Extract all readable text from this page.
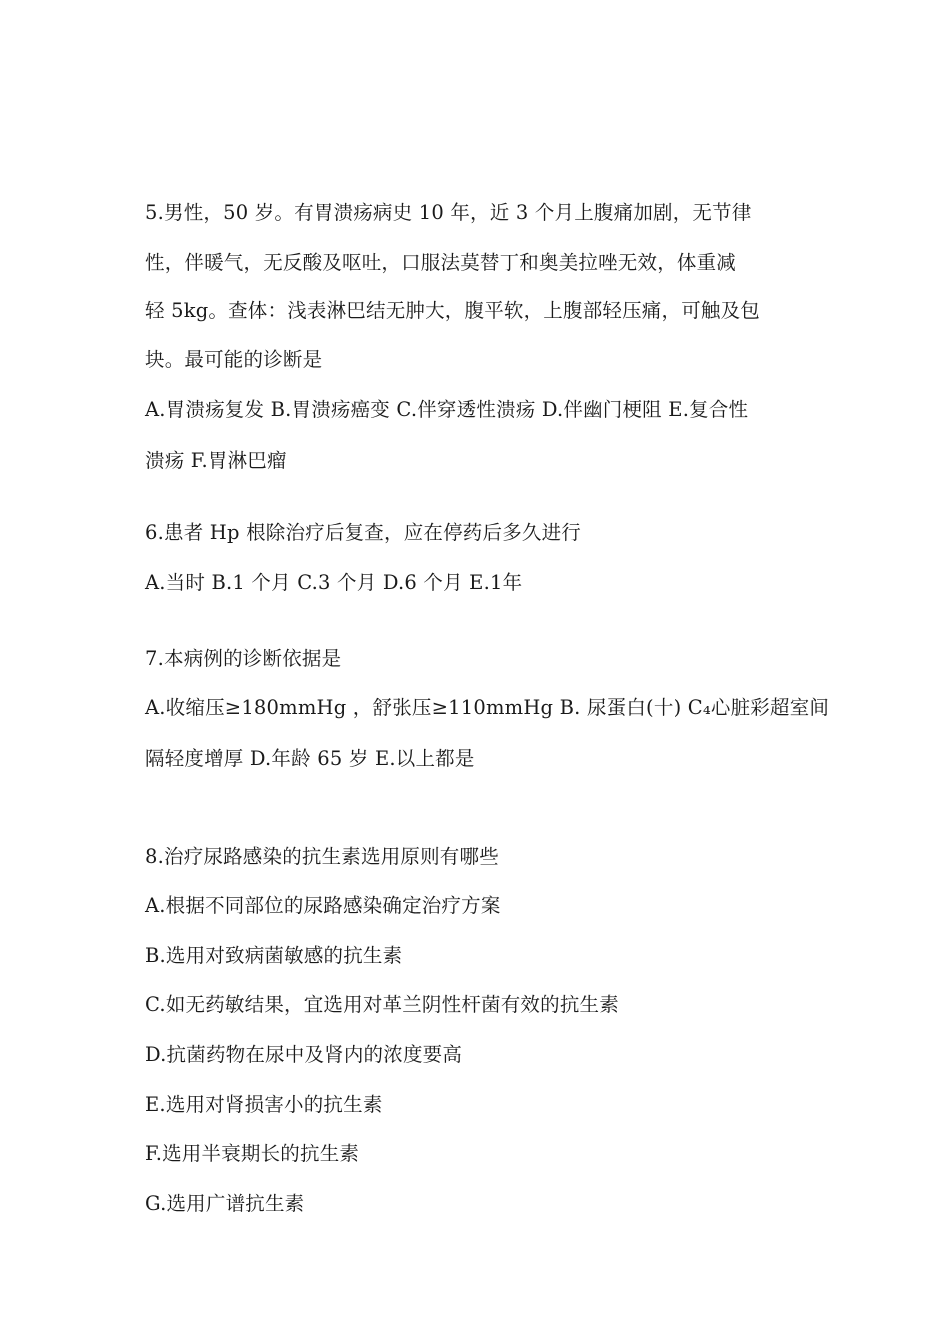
5.男性，50 岁。有胃溃疡病史 10 年，近 3 个月上腹痛加剧，无节律
性，伴暖气，无反酸及呕吐，口服法莫替丁和奥美拉唑无效，体重减
轻 5kg。查体：浅表淋巴结无肿大，腹平软，上腹部轻压痛，可触及包
块。最可能的诊断是
A.胃溃疡复发 B.胃溃疡癌变 C.伴穿透性溃疡 D.伴幽门梗阻 E.复合性
溃疡 F.胃淋巴瘤
6.患者 Hp 根除治疗后复查，应在停药后多久进行
A.当时 B.1 个月 C.3 个月 D.6 个月 E.1年
7.本病例的诊断依据是
A.收缩压≥180mmHg ，舒张压≥110mmHg B. 尿蛋白(十) C₄心脏彩超室间
隔轻度增厚 D.年龄 65 岁 E.以上都是
8.治疗尿路感染的抗生素选用原则有哪些
A.根据不同部位的尿路感染确定治疗方案
B.选用对致病菌敏感的抗生素
C.如无药敏结果，宜选用对革兰阴性杆菌有效的抗生素
D.抗菌药物在尿中及肾内的浓度要高
E.选用对肾损害小的抗生素
F.选用半衰期长的抗生素
G.选用广谱抗生素
